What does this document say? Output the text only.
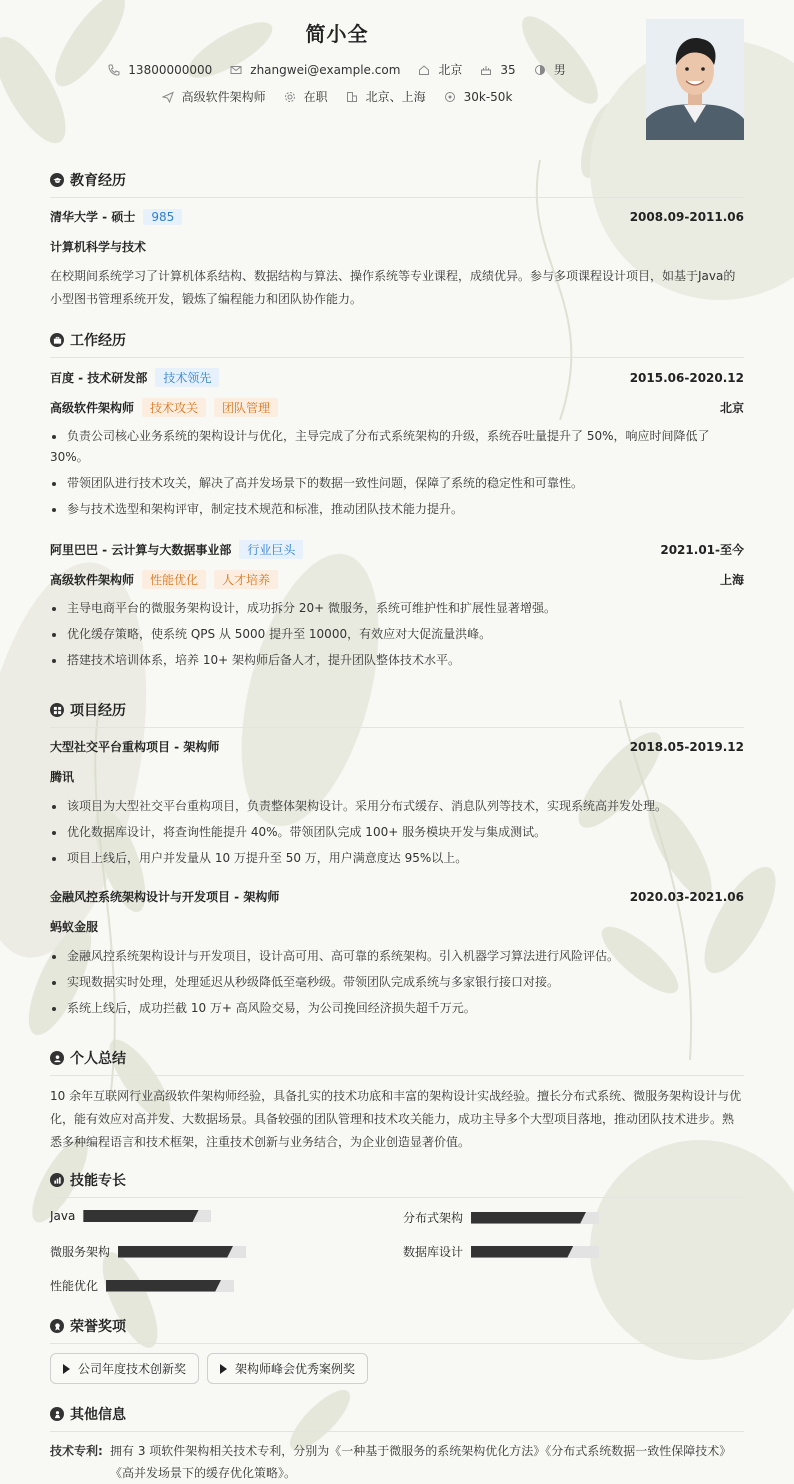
简小全
13800000000	zhangwei@example.com	北京	35	男
高级软件架构师	在职	北京、上海	30k-50k
教育经历
清华大学 - 硕士	985	2008.09-2011.06
计算机科学与技术
在校期间系统学习了计算机体系结构、数据结构与算法、操作系统等专业课程，成绩优异。参与多项课程设计项目，如基于Java的小型图书管理系统开发，锻炼了编程能力和团队协作能力。
工作经历
百度 - 技术研发部	技术领先	2015.06-2020.12
高级软件架构师	技术攻关	团队管理	北京
负责公司核心业务系统的架构设计与优化，主导完成了分布式系统架构的升级，系统吞吐量提升了 50%，响应时间降低了 30%。
带领团队进行技术攻关，解决了高并发场景下的数据一致性问题，保障了系统的稳定性和可靠性。
参与技术选型和架构评审，制定技术规范和标准，推动团队技术能力提升。
阿里巴巴 - 云计算与大数据事业部	行业巨头	2021.01-至今
高级软件架构师	性能优化	人才培养	上海
主导电商平台的微服务架构设计，成功拆分 20+ 微服务，系统可维护性和扩展性显著增强。
优化缓存策略，使系统 QPS 从 5000 提升至 10000，有效应对大促流量洪峰。
搭建技术培训体系，培养 10+ 架构师后备人才，提升团队整体技术水平。
项目经历
大型社交平台重构项目 - 架构师	2018.05-2019.12
腾讯
该项目为大型社交平台重构项目，负责整体架构设计。采用分布式缓存、消息队列等技术，实现系统高并发处理。
优化数据库设计，将查询性能提升 40%。带领团队完成 100+ 服务模块开发与集成测试。
项目上线后，用户并发量从 10 万提升至 50 万，用户满意度达 95%以上。
金融风控系统架构设计与开发项目 - 架构师	2020.03-2021.06
蚂蚁金服
金融风控系统架构设计与开发项目，设计高可用、高可靠的系统架构。引入机器学习算法进行风险评估。
实现数据实时处理，处理延迟从秒级降低至毫秒级。带领团队完成系统与多家银行接口对接。
系统上线后，成功拦截 10 万+ 高风险交易，为公司挽回经济损失超千万元。
个人总结
10 余年互联网行业高级软件架构师经验，具备扎实的技术功底和丰富的架构设计实战经验。擅长分布式系统、微服务架构设计与优化，能有效应对高并发、大数据场景。具备较强的团队管理和技术攻关能力，成功主导多个大型项目落地，推动团队技术进步。熟悉多种编程语言和技术框架，注重技术创新与业务结合，为企业创造显著价值。
技能专长
Java	分布式架构
微服务架构	数据库设计
性能优化
荣誉奖项
公司年度技术创新奖	架构师峰会优秀案例奖
其他信息
技术专利: 拥有 3 项软件架构相关技术专利，分别为《一种基于微服务的系统架构优化方法》《分布式系统数据一致性保障技术》《高并发场景下的缓存优化策略》。
